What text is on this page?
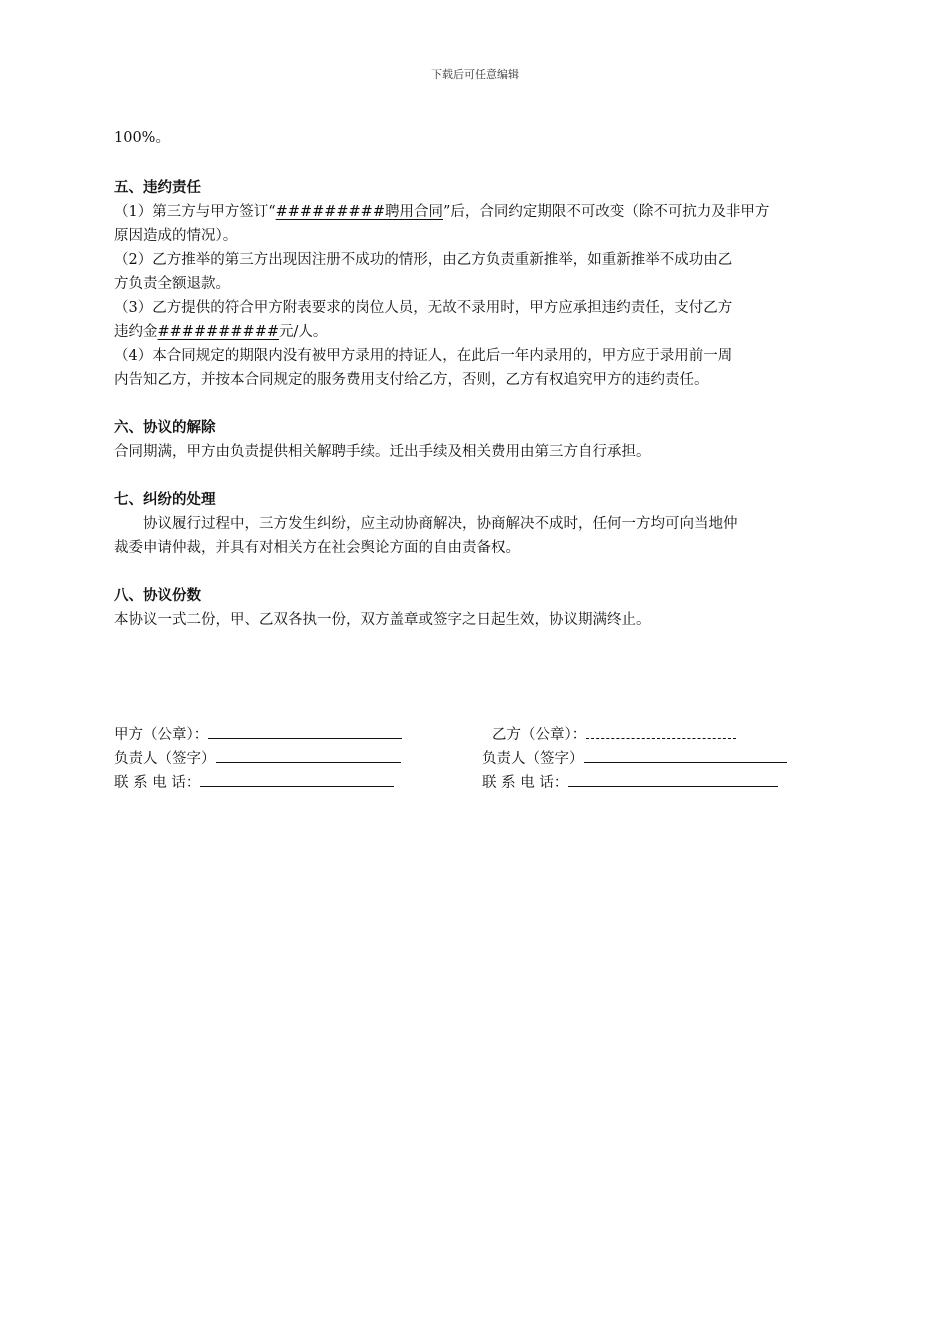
下载后可任意编辑

100%。

五、违约责任

（1）第三方与甲方签订“#########聘用合同”后，合同约定期限不可改变（除不可抗力及非甲方

原因造成的情况）。

（2）乙方推举的第三方出现因注册不成功的情形，由乙方负责重新推举，如重新推举不成功由乙

方负责全额退款。

（3）乙方提供的符合甲方附表要求的岗位人员，无故不录用时，甲方应承担违约责任，支付乙方

违约金##########元/人。

（4）本合同规定的期限内没有被甲方录用的持证人，在此后一年内录用的，甲方应于录用前一周

内告知乙方，并按本合同规定的服务费用支付给乙方，否则，乙方有权追究甲方的违约责任。

六、协议的解除

合同期满，甲方由负责提供相关解聘手续。迁出手续及相关费用由第三方自行承担。

七、纠纷的处理

协议履行过程中，三方发生纠纷，应主动协商解决，协商解决不成时，任何一方均可向当地仲

裁委申请仲裁，并具有对相关方在社会舆论方面的自由责备权。

八、协议份数

本协议一式二份，甲、乙双各执一份，双方盖章或签字之日起生效，协议期满终止。

甲方（公章）：	乙方（公章）：
负责人（签字）	负责人（签字）
联 系 电 话：	联 系 电 话：
